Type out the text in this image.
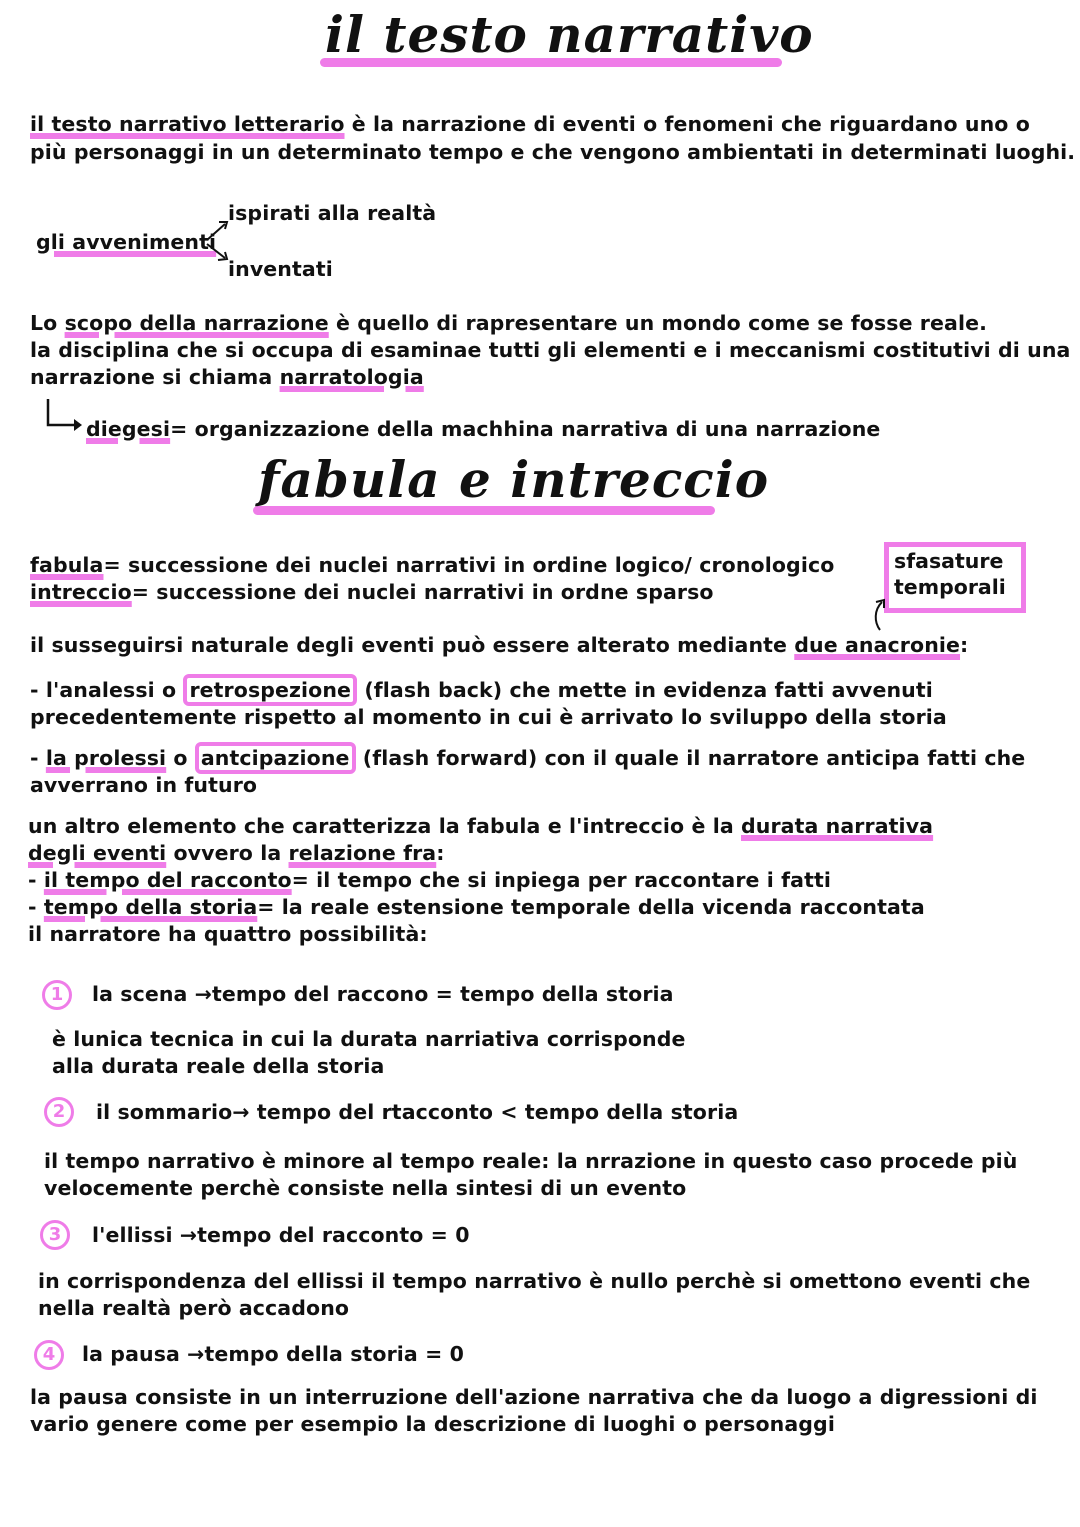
il testo narrativo
il testo narrativo letterario è la narrazione di eventi o fenomeni che riguardano uno o
più personaggi in un determinato tempo e che vengono ambientati in determinati luoghi.
ispirati alla realtà
gli avvenimenti
inventati
Lo scopo della narrazione è quello di rapresentare un mondo come se fosse reale.
la disciplina che si occupa di esaminae tutti gli elementi e i meccanismi costitutivi di una
narrazione si chiama narratologia
diegesi= organizzazione della machhina narrativa di una narrazione
fabula e intreccio
fabula= successione dei nuclei narrativi in ordine logico/ cronologico
intreccio= successione dei nuclei narrativi in ordne sparso
sfasature
temporali
il susseguirsi naturale degli eventi può essere alterato mediante due anacronie:
- l'analessi o retrospezione (flash back) che mette in evidenza fatti avvenuti
precedentemente rispetto al momento in cui è arrivato lo sviluppo della storia
- la prolessi o antcipazione (flash forward) con il quale il narratore anticipa fatti che
avverrano in futuro
un altro elemento che caratterizza la fabula e l'intreccio è la durata narrativa
degli eventi ovvero la relazione fra:
- il tempo del racconto= il tempo che si inpiega per raccontare i fatti
- tempo della storia= la reale estensione temporale della vicenda raccontata
il narratore ha quattro possibilità:
1	la scena →tempo del raccono = tempo della storia
è lunica tecnica in cui la durata narriativa corrisponde
alla durata reale della storia
2	il sommario→ tempo del rtacconto < tempo della storia
il tempo narrativo è minore al tempo reale: la nrrazione in questo caso procede più
velocemente perchè consiste nella sintesi di un evento
3	l'ellissi →tempo del racconto = 0
in corrispondenza del ellissi il tempo narrativo è nullo perchè si omettono eventi che
nella realtà però accadono
4	la pausa →tempo della storia = 0
la pausa consiste in un interruzione dell'azione narrativa che da luogo a digressioni di
vario genere come per esempio la descrizione di luoghi o personaggi
